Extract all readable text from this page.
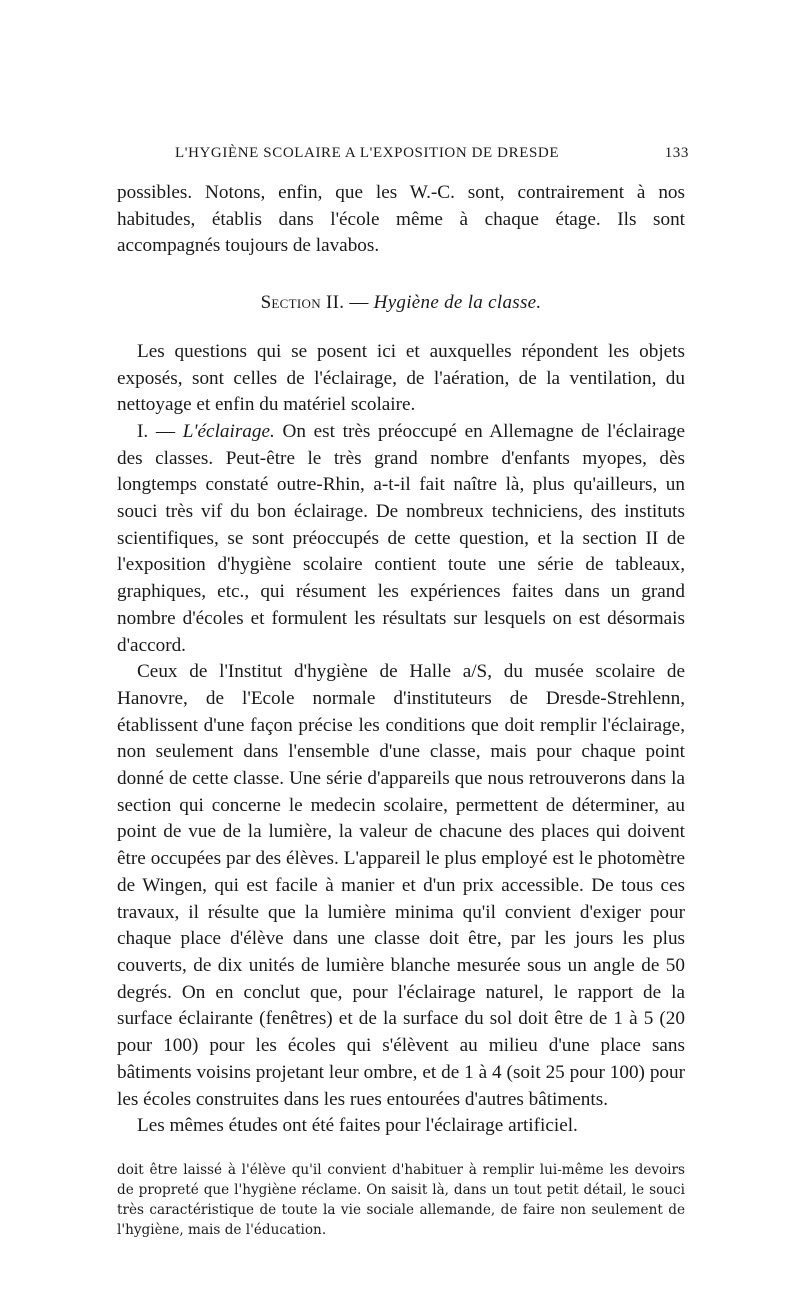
L'HYGIÈNE SCOLAIRE A L'EXPOSITION DE DRESDE	133

possibles. Notons, enfin, que les W.-C. sont, contrairement à nos habitudes, établis dans l'école même à chaque étage. Ils sont accompagnés toujours de lavabos.

Section II. — Hygiène de la classe.

Les questions qui se posent ici et auxquelles répondent les objets exposés, sont celles de l'éclairage, de l'aération, de la ventilation, du nettoyage et enfin du matériel scolaire.

I. — L'éclairage. On est très préoccupé en Allemagne de l'éclairage des classes. Peut-être le très grand nombre d'enfants myopes, dès longtemps constaté outre-Rhin, a-t-il fait naître là, plus qu'ailleurs, un souci très vif du bon éclairage. De nombreux techniciens, des instituts scientifiques, se sont préoccupés de cette question, et la section II de l'exposition d'hygiène scolaire contient toute une série de tableaux, graphiques, etc., qui résument les expériences faites dans un grand nombre d'écoles et formulent les résultats sur lesquels on est désormais d'accord.

Ceux de l'Institut d'hygiène de Halle a/S, du musée scolaire de Hanovre, de l'Ecole normale d'instituteurs de Dresde-Strehlenn, établissent d'une façon précise les conditions que doit remplir l'éclairage, non seulement dans l'ensemble d'une classe, mais pour chaque point donné de cette classe. Une série d'appareils que nous retrouverons dans la section qui concerne le medecin scolaire, permettent de déterminer, au point de vue de la lumière, la valeur de chacune des places qui doivent être occupées par des élèves. L'appareil le plus employé est le photomètre de Wingen, qui est facile à manier et d'un prix accessible. De tous ces travaux, il résulte que la lumière minima qu'il convient d'exiger pour chaque place d'élève dans une classe doit être, par les jours les plus couverts, de dix unités de lumière blanche mesurée sous un angle de 50 degrés. On en conclut que, pour l'éclairage naturel, le rapport de la surface éclairante (fenêtres) et de la surface du sol doit être de 1 à 5 (20 pour 100) pour les écoles qui s'élèvent au milieu d'une place sans bâtiments voisins projetant leur ombre, et de 1 à 4 (soit 25 pour 100) pour les écoles construites dans les rues entourées d'autres bâtiments.

Les mêmes études ont été faites pour l'éclairage artificiel.

doit être laissé à l'élève qu'il convient d'habituer à remplir lui-même les devoirs de propreté que l'hygiène réclame. On saisit là, dans un tout petit détail, le souci très caractéristique de toute la vie sociale allemande, de faire non seulement de l'hygiène, mais de l'éducation.
